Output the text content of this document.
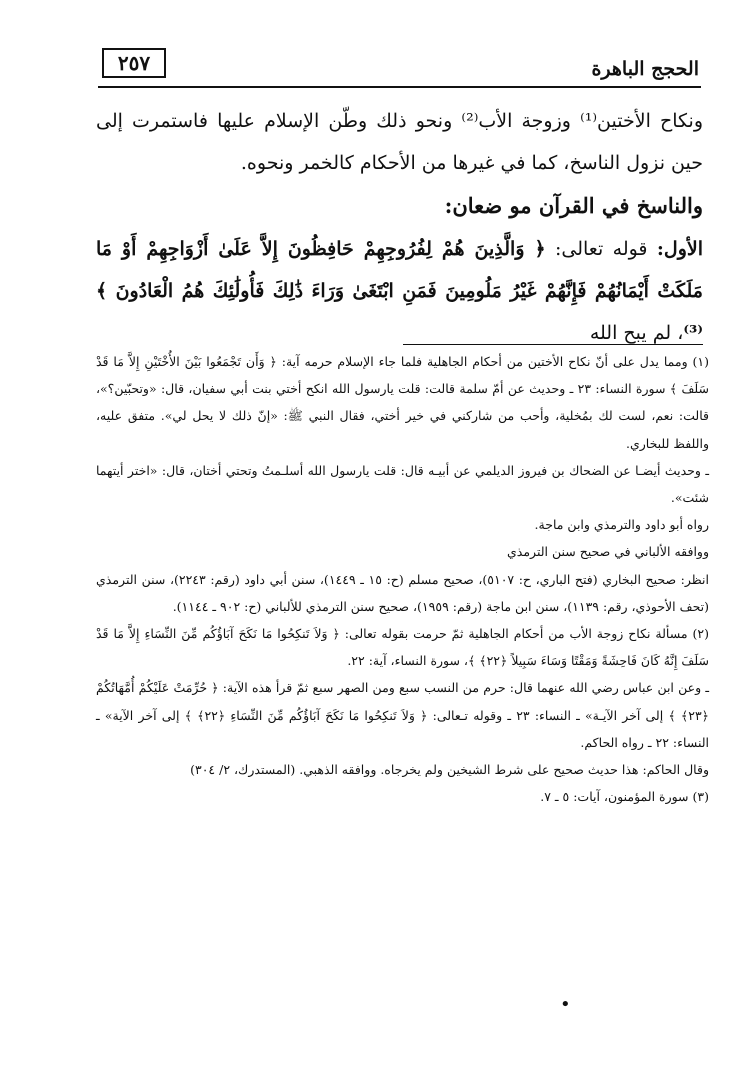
الحجج الباهرة
٢٥٧

ونكاح الأختين⁽¹⁾ وزوجة الأب⁽²⁾ ونحو ذلك وطّن الإسلام عليها فاستمرت إلى حين نزول الناسخ، كما في غيرها من الأحكام كالخمر ونحوه.

والناسخ في القرآن مو ضعان:

الأول: قوله تعالى: ﴿ وَالَّذِينَ هُمْ لِفُرُوجِهِمْ حَافِظُونَ إِلاَّ عَلَىٰ أَزْوَاجِهِمْ أَوْ مَا مَلَكَتْ أَيْمَانُهُمْ فَإِنَّهُمْ غَيْرُ مَلُومِينَ فَمَنِ ابْتَغَىٰ وَرَاءَ ذَٰلِكَ فَأُولَٰئِكَ هُمُ الْعَادُونَ ﴾⁽³⁾، لم يبح الله

(١) ومما يدل على أنّ نكاح الأختين من أحكام الجاهلية فلما جاء الإسلام حرمه آية: ﴿ وَأَن تَجْمَعُوا بَيْنَ الأُخْتَيْنِ إِلاَّ مَا قَدْ سَلَفَ ﴾ سورة النساء: ٢٣ ـ وحديث عن أمّ سلمة قالت: قلت يارسول الله انكح أختي بنت أبي سفيان، قال: «وتحبّين؟»، قالت: نعم، لست لك بمُخلية، وأحب من شاركني في خير أختي، فقال النبي ﷺ: «إنّ ذلك لا يحل لي». متفق عليه، واللفظ للبخاري.

ـ وحديث أيضـا عن الضحاك بن فيروز الديلمي عن أبيـه قال: قلت يارسول الله أسلـمتُ وتحتي أختان، قال: «اختر أيتهما شئت».

رواه أبو داود والترمذي وابن ماجة.

ووافقه الألباني في صحيح سنن الترمذي

انظر: صحيح البخاري (فتح الباري، ح: ٥١٠٧)، صحيح مسلم (ح: ١٥ ـ ١٤٤٩)، سنن أبي داود (رقم: ٢٢٤٣)، سنن الترمذي (تحف الأحوذي، رقم: ١١٣٩)، سنن ابن ماجة (رقم: ١٩٥٩)، صحيح سنن الترمذي للألباني (ح: ٩٠٢ ـ ١١٤٤).

(٢) مسألة نكاح زوجة الأب من أحكام الجاهلية ثمّ حرمت بقوله تعالى: ﴿ وَلاَ تَنكِحُوا مَا نَكَحَ آبَاؤُكُم مِّنَ النِّسَاءِ إِلاَّ مَا قَدْ سَلَفَ إِنَّهُ كَانَ فَاحِشَةً وَمَقْتًا وَسَاءَ سَبِيلاً ﴿٢٢﴾ ﴾، سورة النساء، آية: ٢٢.

ـ وعن ابن عباس رضي الله عنهما قال: حرم من النسب سبع ومن الصهر سبع ثمّ قرأ هذه الآية: ﴿ حُرِّمَتْ عَلَيْكُمْ أُمَّهَاتُكُمْ ﴿٢٣﴾ ﴾ إلى آخر الآيـة» ـ النساء: ٢٣ ـ وقوله تـعالى: ﴿ وَلاَ تَنكِحُوا مَا نَكَحَ آبَاؤُكُم مِّنَ النِّسَاءِ ﴿٢٢﴾ ﴾ إلى آخر الآية» ـ النساء: ٢٢ ـ رواه الحاكم.

وقال الحاكم: هذا حديث صحيح على شرط الشيخين ولم يخرجاه. ووافقه الذهبي. (المستدرك، ٢/ ٣٠٤)

(٣) سورة المؤمنون، آيات: ٥ ـ ٧.

•
